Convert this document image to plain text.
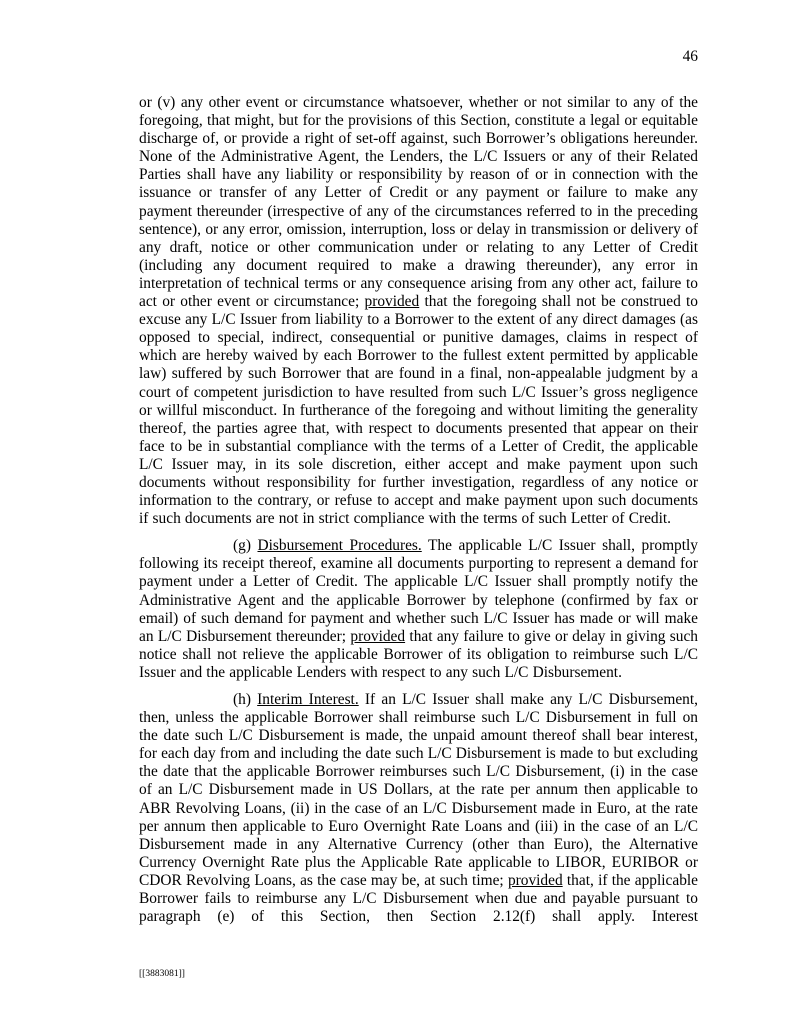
46

or (v) any other event or circumstance whatsoever, whether or not similar to any of the foregoing, that might, but for the provisions of this Section, constitute a legal or equitable discharge of, or provide a right of set-off against, such Borrower’s obligations hereunder. None of the Administrative Agent, the Lenders, the L/C Issuers or any of their Related Parties shall have any liability or responsibility by reason of or in connection with the issuance or transfer of any Letter of Credit or any payment or failure to make any payment thereunder (irrespective of any of the circumstances referred to in the preceding sentence), or any error, omission, interruption, loss or delay in transmission or delivery of any draft, notice or other communication under or relating to any Letter of Credit (including any document required to make a drawing thereunder), any error in interpretation of technical terms or any consequence arising from any other act, failure to act or other event or circumstance; provided that the foregoing shall not be construed to excuse any L/C Issuer from liability to a Borrower to the extent of any direct damages (as opposed to special, indirect, consequential or punitive damages, claims in respect of which are hereby waived by each Borrower to the fullest extent permitted by applicable law) suffered by such Borrower that are found in a final, non-appealable judgment by a court of competent jurisdiction to have resulted from such L/C Issuer’s gross negligence or willful misconduct. In furtherance of the foregoing and without limiting the generality thereof, the parties agree that, with respect to documents presented that appear on their face to be in substantial compliance with the terms of a Letter of Credit, the applicable L/C Issuer may, in its sole discretion, either accept and make payment upon such documents without responsibility for further investigation, regardless of any notice or information to the contrary, or refuse to accept and make payment upon such documents if such documents are not in strict compliance with the terms of such Letter of Credit.

(g) Disbursement Procedures. The applicable L/C Issuer shall, promptly following its receipt thereof, examine all documents purporting to represent a demand for payment under a Letter of Credit. The applicable L/C Issuer shall promptly notify the Administrative Agent and the applicable Borrower by telephone (confirmed by fax or email) of such demand for payment and whether such L/C Issuer has made or will make an L/C Disbursement thereunder; provided that any failure to give or delay in giving such notice shall not relieve the applicable Borrower of its obligation to reimburse such L/C Issuer and the applicable Lenders with respect to any such L/C Disbursement.

(h) Interim Interest. If an L/C Issuer shall make any L/C Disbursement, then, unless the applicable Borrower shall reimburse such L/C Disbursement in full on the date such L/C Disbursement is made, the unpaid amount thereof shall bear interest, for each day from and including the date such L/C Disbursement is made to but excluding the date that the applicable Borrower reimburses such L/C Disbursement, (i) in the case of an L/C Disbursement made in US Dollars, at the rate per annum then applicable to ABR Revolving Loans, (ii) in the case of an L/C Disbursement made in Euro, at the rate per annum then applicable to Euro Overnight Rate Loans and (iii) in the case of an L/C Disbursement made in any Alternative Currency (other than Euro), the Alternative Currency Overnight Rate plus the Applicable Rate applicable to LIBOR, EURIBOR or CDOR Revolving Loans, as the case may be, at such time; provided that, if the applicable Borrower fails to reimburse any L/C Disbursement when due and payable pursuant to paragraph (e) of this Section, then Section 2.12(f) shall apply. Interest

[[3883081]]
